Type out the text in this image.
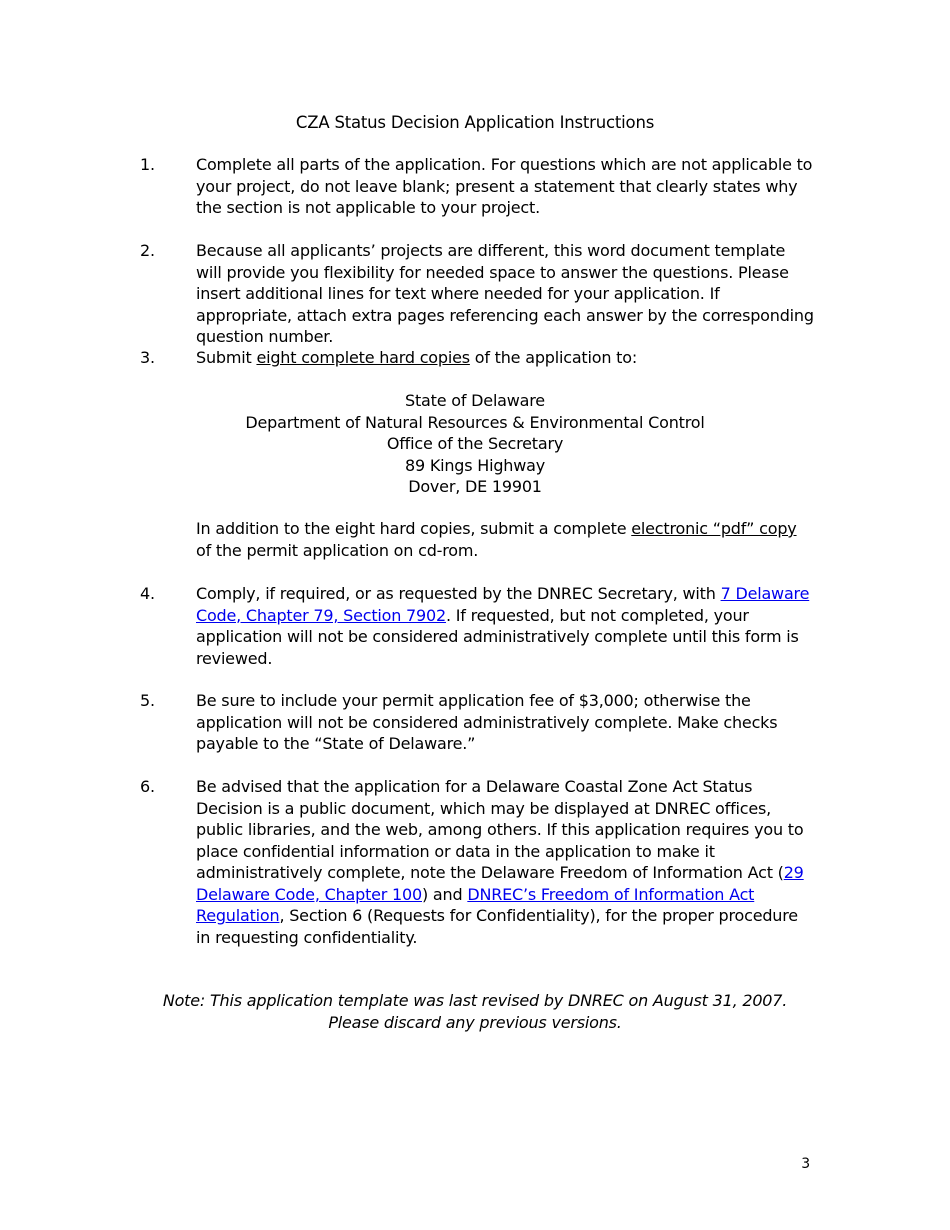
CZA Status Decision Application Instructions
1.	Complete all parts of the application. For questions which are not applicable to your project, do not leave blank; present a statement that clearly states why the section is not applicable to your project.
2.	Because all applicants’ projects are different, this word document template will provide you flexibility for needed space to answer the questions. Please insert additional lines for text where needed for your application. If appropriate, attach extra pages referencing each answer by the corresponding question number.
3.	Submit eight complete hard copies of the application to:
State of Delaware
Department of Natural Resources & Environmental Control
Office of the Secretary
89 Kings Highway
Dover, DE 19901
In addition to the eight hard copies, submit a complete electronic “pdf” copy of the permit application on cd-rom.
4.	Comply, if required, or as requested by the DNREC Secretary, with 7 Delaware Code, Chapter 79, Section 7902. If requested, but not completed, your application will not be considered administratively complete until this form is reviewed.
5.	Be sure to include your permit application fee of $3,000; otherwise the application will not be considered administratively complete. Make checks payable to the “State of Delaware.”
6.	Be advised that the application for a Delaware Coastal Zone Act Status Decision is a public document, which may be displayed at DNREC offices, public libraries, and the web, among others. If this application requires you to place confidential information or data in the application to make it administratively complete, note the Delaware Freedom of Information Act (29 Delaware Code, Chapter 100) and DNREC’s Freedom of Information Act Regulation, Section 6 (Requests for Confidentiality), for the proper procedure in requesting confidentiality.
Note: This application template was last revised by DNREC on August 31, 2007. Please discard any previous versions.
3
